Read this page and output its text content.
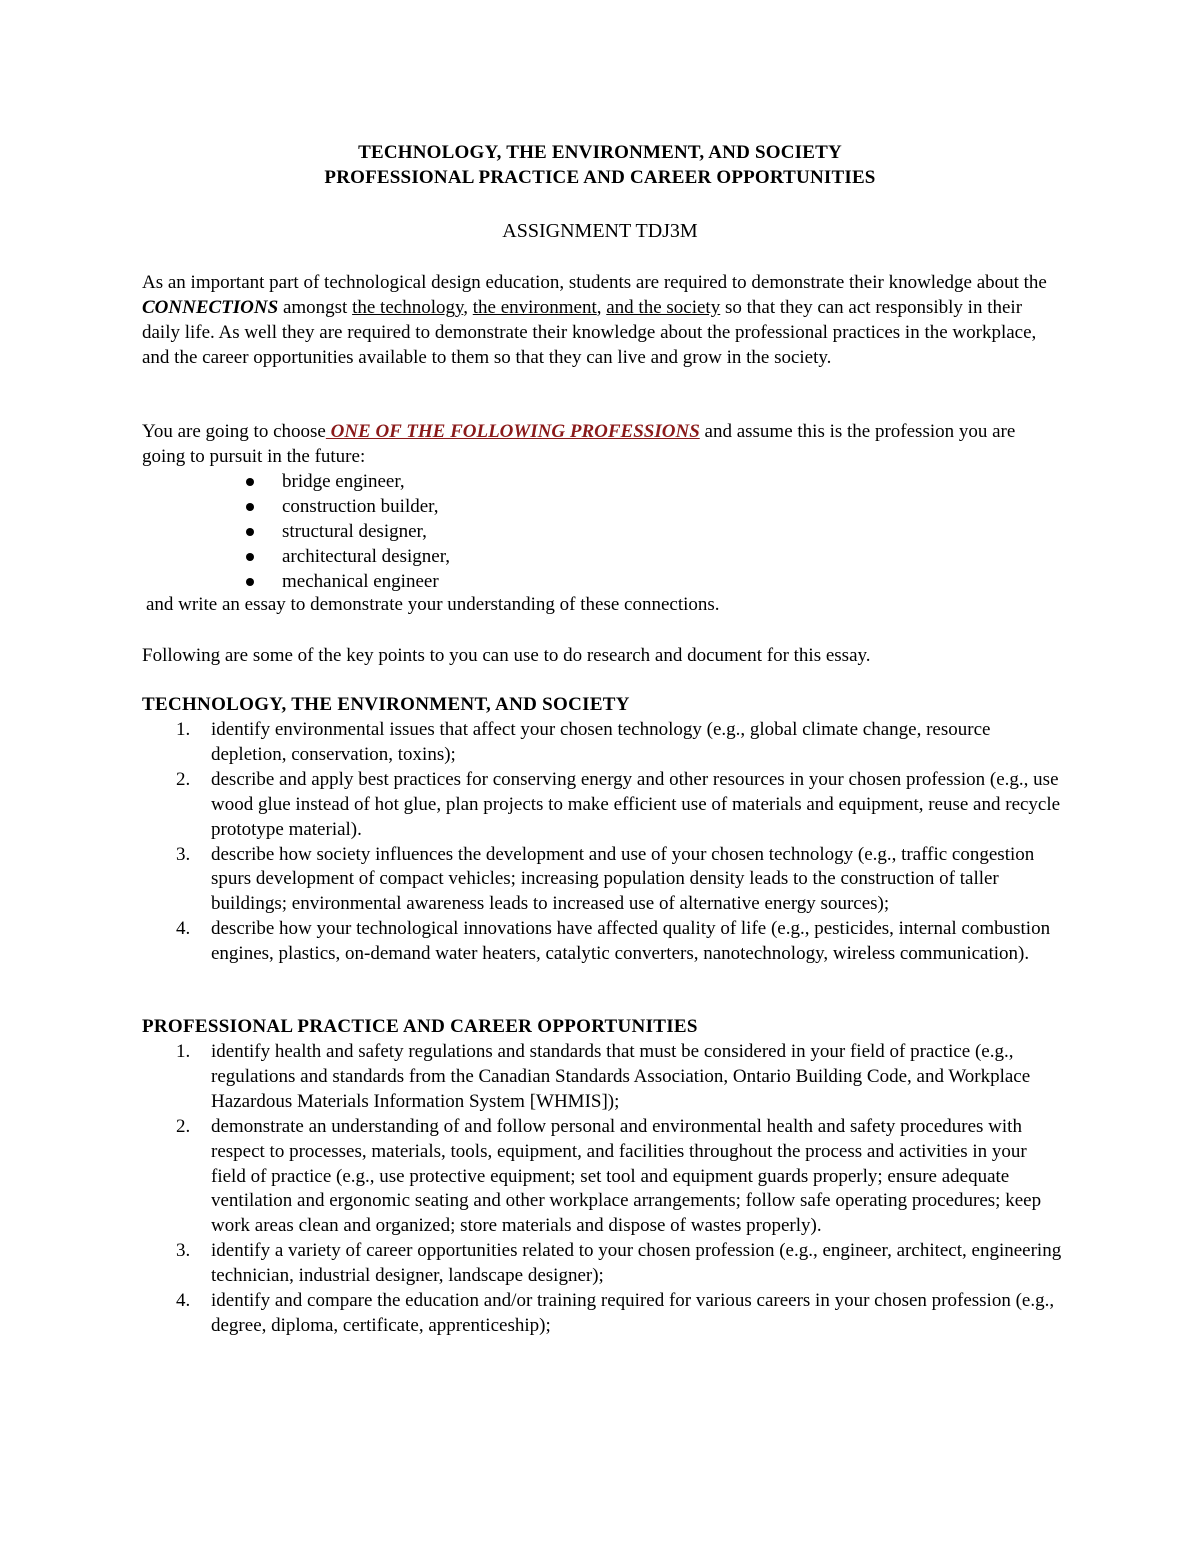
TECHNOLOGY, THE ENVIRONMENT, AND SOCIETY
PROFESSIONAL PRACTICE AND CAREER OPPORTUNITIES
ASSIGNMENT TDJ3M
As an important part of technological design education, students are required to demonstrate their knowledge about the CONNECTIONS amongst the technology, the environment, and the society so that they can act responsibly in their daily life. As well they are required to demonstrate their knowledge about the professional practices in the workplace, and the career opportunities available to them so that they can live and grow in the society.
You are going to choose ONE OF THE FOLLOWING PROFESSIONS and assume this is the profession you are going to pursuit in the future:
bridge engineer,
construction builder,
structural designer,
architectural designer,
mechanical engineer
and write an essay to demonstrate your understanding of these connections.
Following are some of the key points to you can use to do research and document for this essay.
TECHNOLOGY, THE ENVIRONMENT, AND SOCIETY
1. identify environmental issues that affect your chosen technology (e.g., global climate change, resource depletion, conservation, toxins);
2. describe and apply best practices for conserving energy and other resources in your chosen profession (e.g., use wood glue instead of hot glue, plan projects to make efficient use of materials and equipment, reuse and recycle prototype material).
3. describe how society influences the development and use of your chosen technology (e.g., traffic congestion spurs development of compact vehicles; increasing population density leads to the construction of taller buildings; environmental awareness leads to increased use of alternative energy sources);
4. describe how your technological innovations have affected quality of life (e.g., pesticides, internal combustion engines, plastics, on-demand water heaters, catalytic converters, nanotechnology, wireless communication).
PROFESSIONAL PRACTICE AND CAREER OPPORTUNITIES
1. identify health and safety regulations and standards that must be considered in your field of practice (e.g., regulations and standards from the Canadian Standards Association, Ontario Building Code, and Workplace Hazardous Materials Information System [WHMIS]);
2. demonstrate an understanding of and follow personal and environmental health and safety procedures with respect to processes, materials, tools, equipment, and facilities throughout the process and activities in your field of practice (e.g., use protective equipment; set tool and equipment guards properly; ensure adequate ventilation and ergonomic seating and other workplace arrangements; follow safe operating procedures; keep work areas clean and organized; store materials and dispose of wastes properly).
3. identify a variety of career opportunities related to your chosen profession (e.g., engineer, architect, engineering technician, industrial designer, landscape designer);
4. identify and compare the education and/or training required for various careers in your chosen profession (e.g., degree, diploma, certificate, apprenticeship);
